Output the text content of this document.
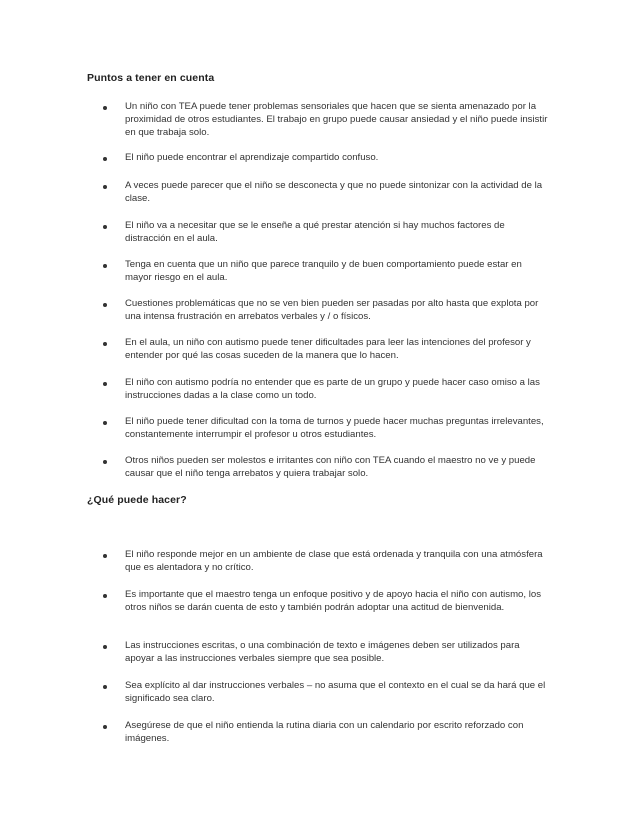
Puntos a tener en cuenta

Un niño con TEA puede tener problemas sensoriales que hacen que se sienta amenazado por la proximidad de otros estudiantes. El trabajo en grupo puede causar ansiedad y el niño puede insistir en que trabaja solo.

El niño puede encontrar el aprendizaje compartido confuso.

A veces puede parecer que el niño se desconecta y que no puede sintonizar con la actividad de la clase.

El niño va a necesitar que se le enseñe a qué prestar atención si hay muchos factores de distracción en el aula.

Tenga en cuenta que un niño que parece tranquilo y de buen comportamiento puede estar en mayor riesgo en el aula.

Cuestiones problemáticas que no se ven bien pueden ser pasadas por alto hasta que explota por una intensa frustración en arrebatos verbales y / o físicos.

En el aula, un niño con autismo puede tener dificultades para leer las intenciones del profesor y entender por qué las cosas suceden de la manera que lo hacen.

El niño con autismo podría no entender que es parte de un grupo y puede hacer caso omiso a las instrucciones dadas a la clase como un todo.

El niño puede tener dificultad con la toma de turnos y puede hacer muchas preguntas irrelevantes, constantemente interrumpir el profesor u otros estudiantes.

Otros niños pueden ser molestos e irritantes con niño con TEA cuando el maestro no ve y puede causar que el niño tenga arrebatos y quiera trabajar solo.

¿Qué puede hacer?

El niño responde mejor en un ambiente de clase que está ordenada y tranquila con una atmósfera que es alentadora y no crítico.

Es importante que el maestro tenga un enfoque positivo y de apoyo hacia el niño con autismo, los otros niños se darán cuenta de esto y también podrán adoptar una actitud de bienvenida.

Las instrucciones escritas, o una combinación de texto e imágenes deben ser utilizados para apoyar a las instrucciones verbales siempre que sea posible.

Sea explícito al dar instrucciones verbales – no asuma que el contexto en el cual se da hará que el significado sea claro.

Asegúrese de que el niño entienda la rutina diaria con un calendario por escrito reforzado con imágenes.
